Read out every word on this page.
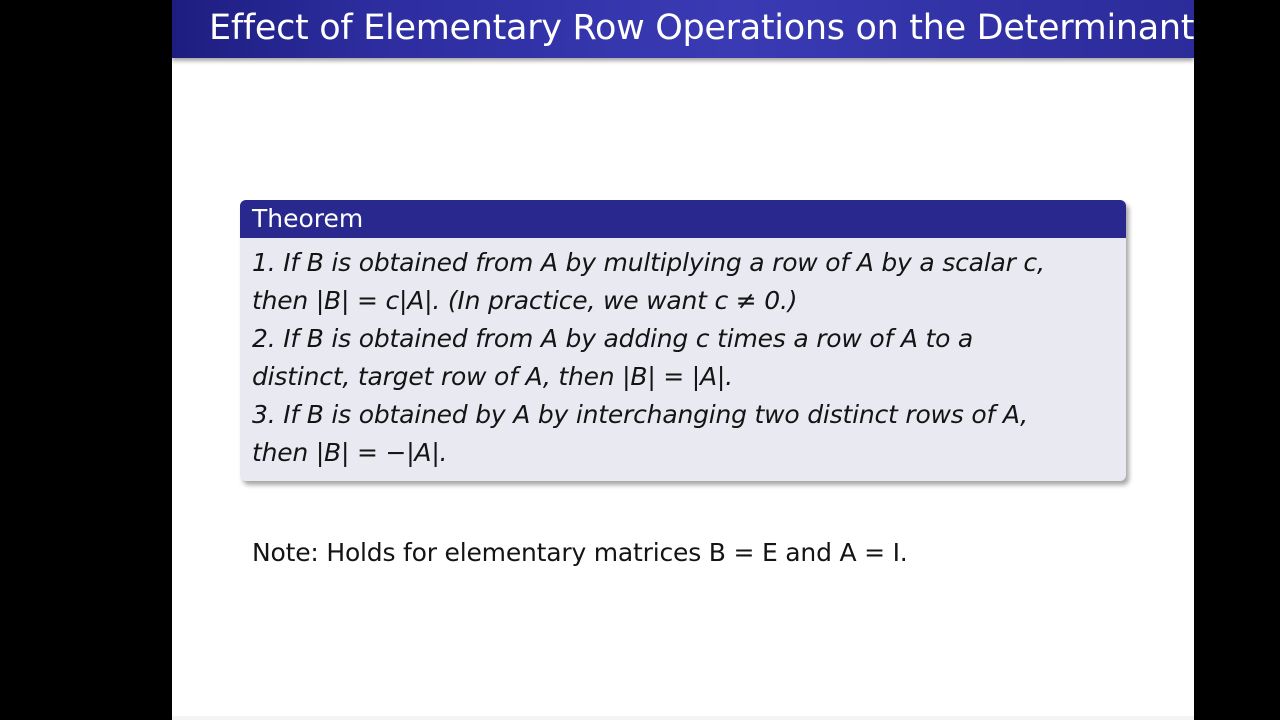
Effect of Elementary Row Operations on the Determinant
Theorem
1. If B is obtained from A by multiplying a row of A by a scalar c,
then |B| = c|A|. (In practice, we want c ≠ 0.)
2. If B is obtained from A by adding c times a row of A to a
distinct, target row of A, then |B| = |A|.
3. If B is obtained by A by interchanging two distinct rows of A,
then |B| = −|A|.
Note: Holds for elementary matrices B = E and A = I.
